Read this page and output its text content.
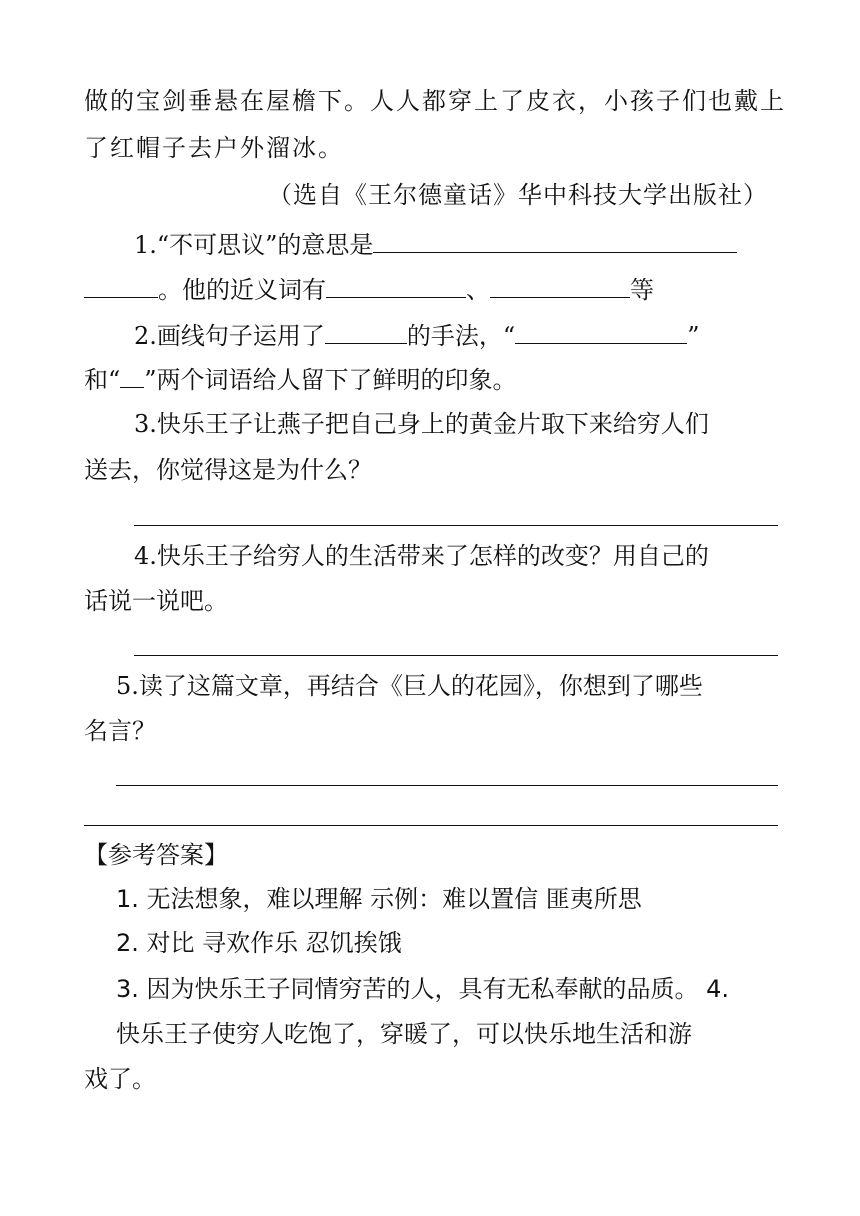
做的宝剑垂悬在屋檐下。人人都穿上了皮衣，小孩子们也戴上
了红帽子去户外溜冰。
（选自《王尔德童话》华中科技大学出版社）
1.“不可思议”的意思是
。他的近义词有	、	等
2.画线句子运用了	的手法，“	”
和“ ”两个词语给人留下了鲜明的印象。
3.快乐王子让燕子把自己身上的黄金片取下来给穷人们
送去，你觉得这是为什么？
4.快乐王子给穷人的生活带来了怎样的改变？用自己的
话说一说吧。
5.读了这篇文章，再结合《巨人的花园》，你想到了哪些
名言？
【参考答案】
1. 无法想象，难以理解 示例：难以置信 匪夷所思
2. 对比 寻欢作乐 忍饥挨饿
3. 因为快乐王子同情穷苦的人，具有无私奉献的品质。 4.
快乐王子使穷人吃饱了，穿暖了，可以快乐地生活和游
戏了。
